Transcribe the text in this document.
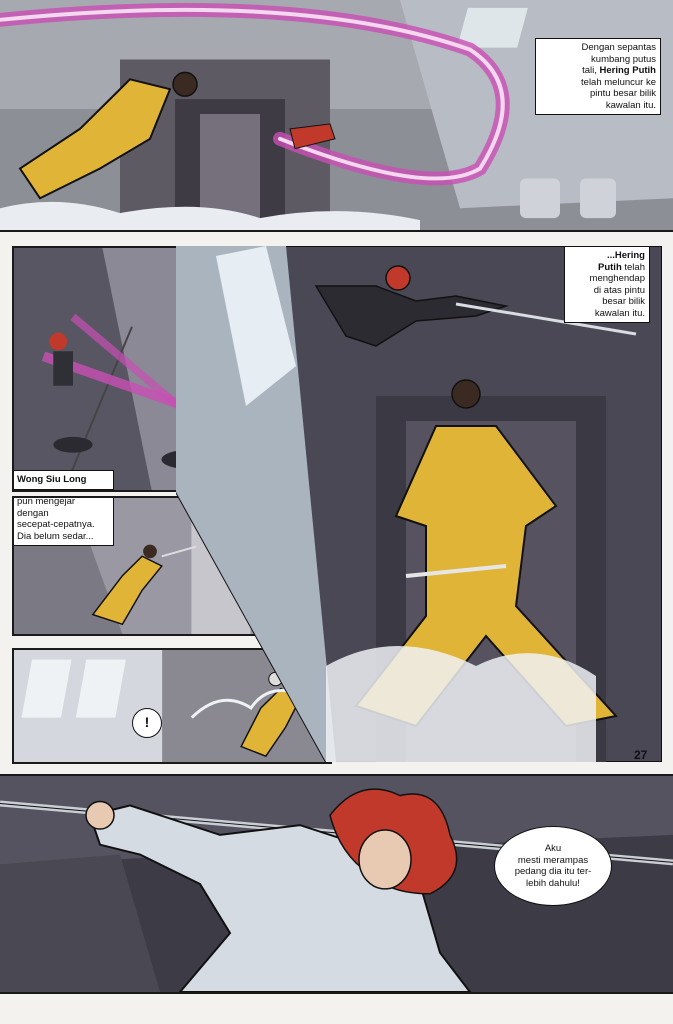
Dengan sepantas
kumbang putus
tali, Hering Putih
telah meluncur ke
pintu besar bilik
kawalan itu.
Wong Siu Long
pun mengejar dengan
secepat-cepatnya.
Dia belum sedar...
!
...Hering
Putih telah
menghendap
di atas pintu
besar bilik
kawalan itu.
27
Aku
mesti merampas
pedang dia itu ter-
lebih dahulu!
